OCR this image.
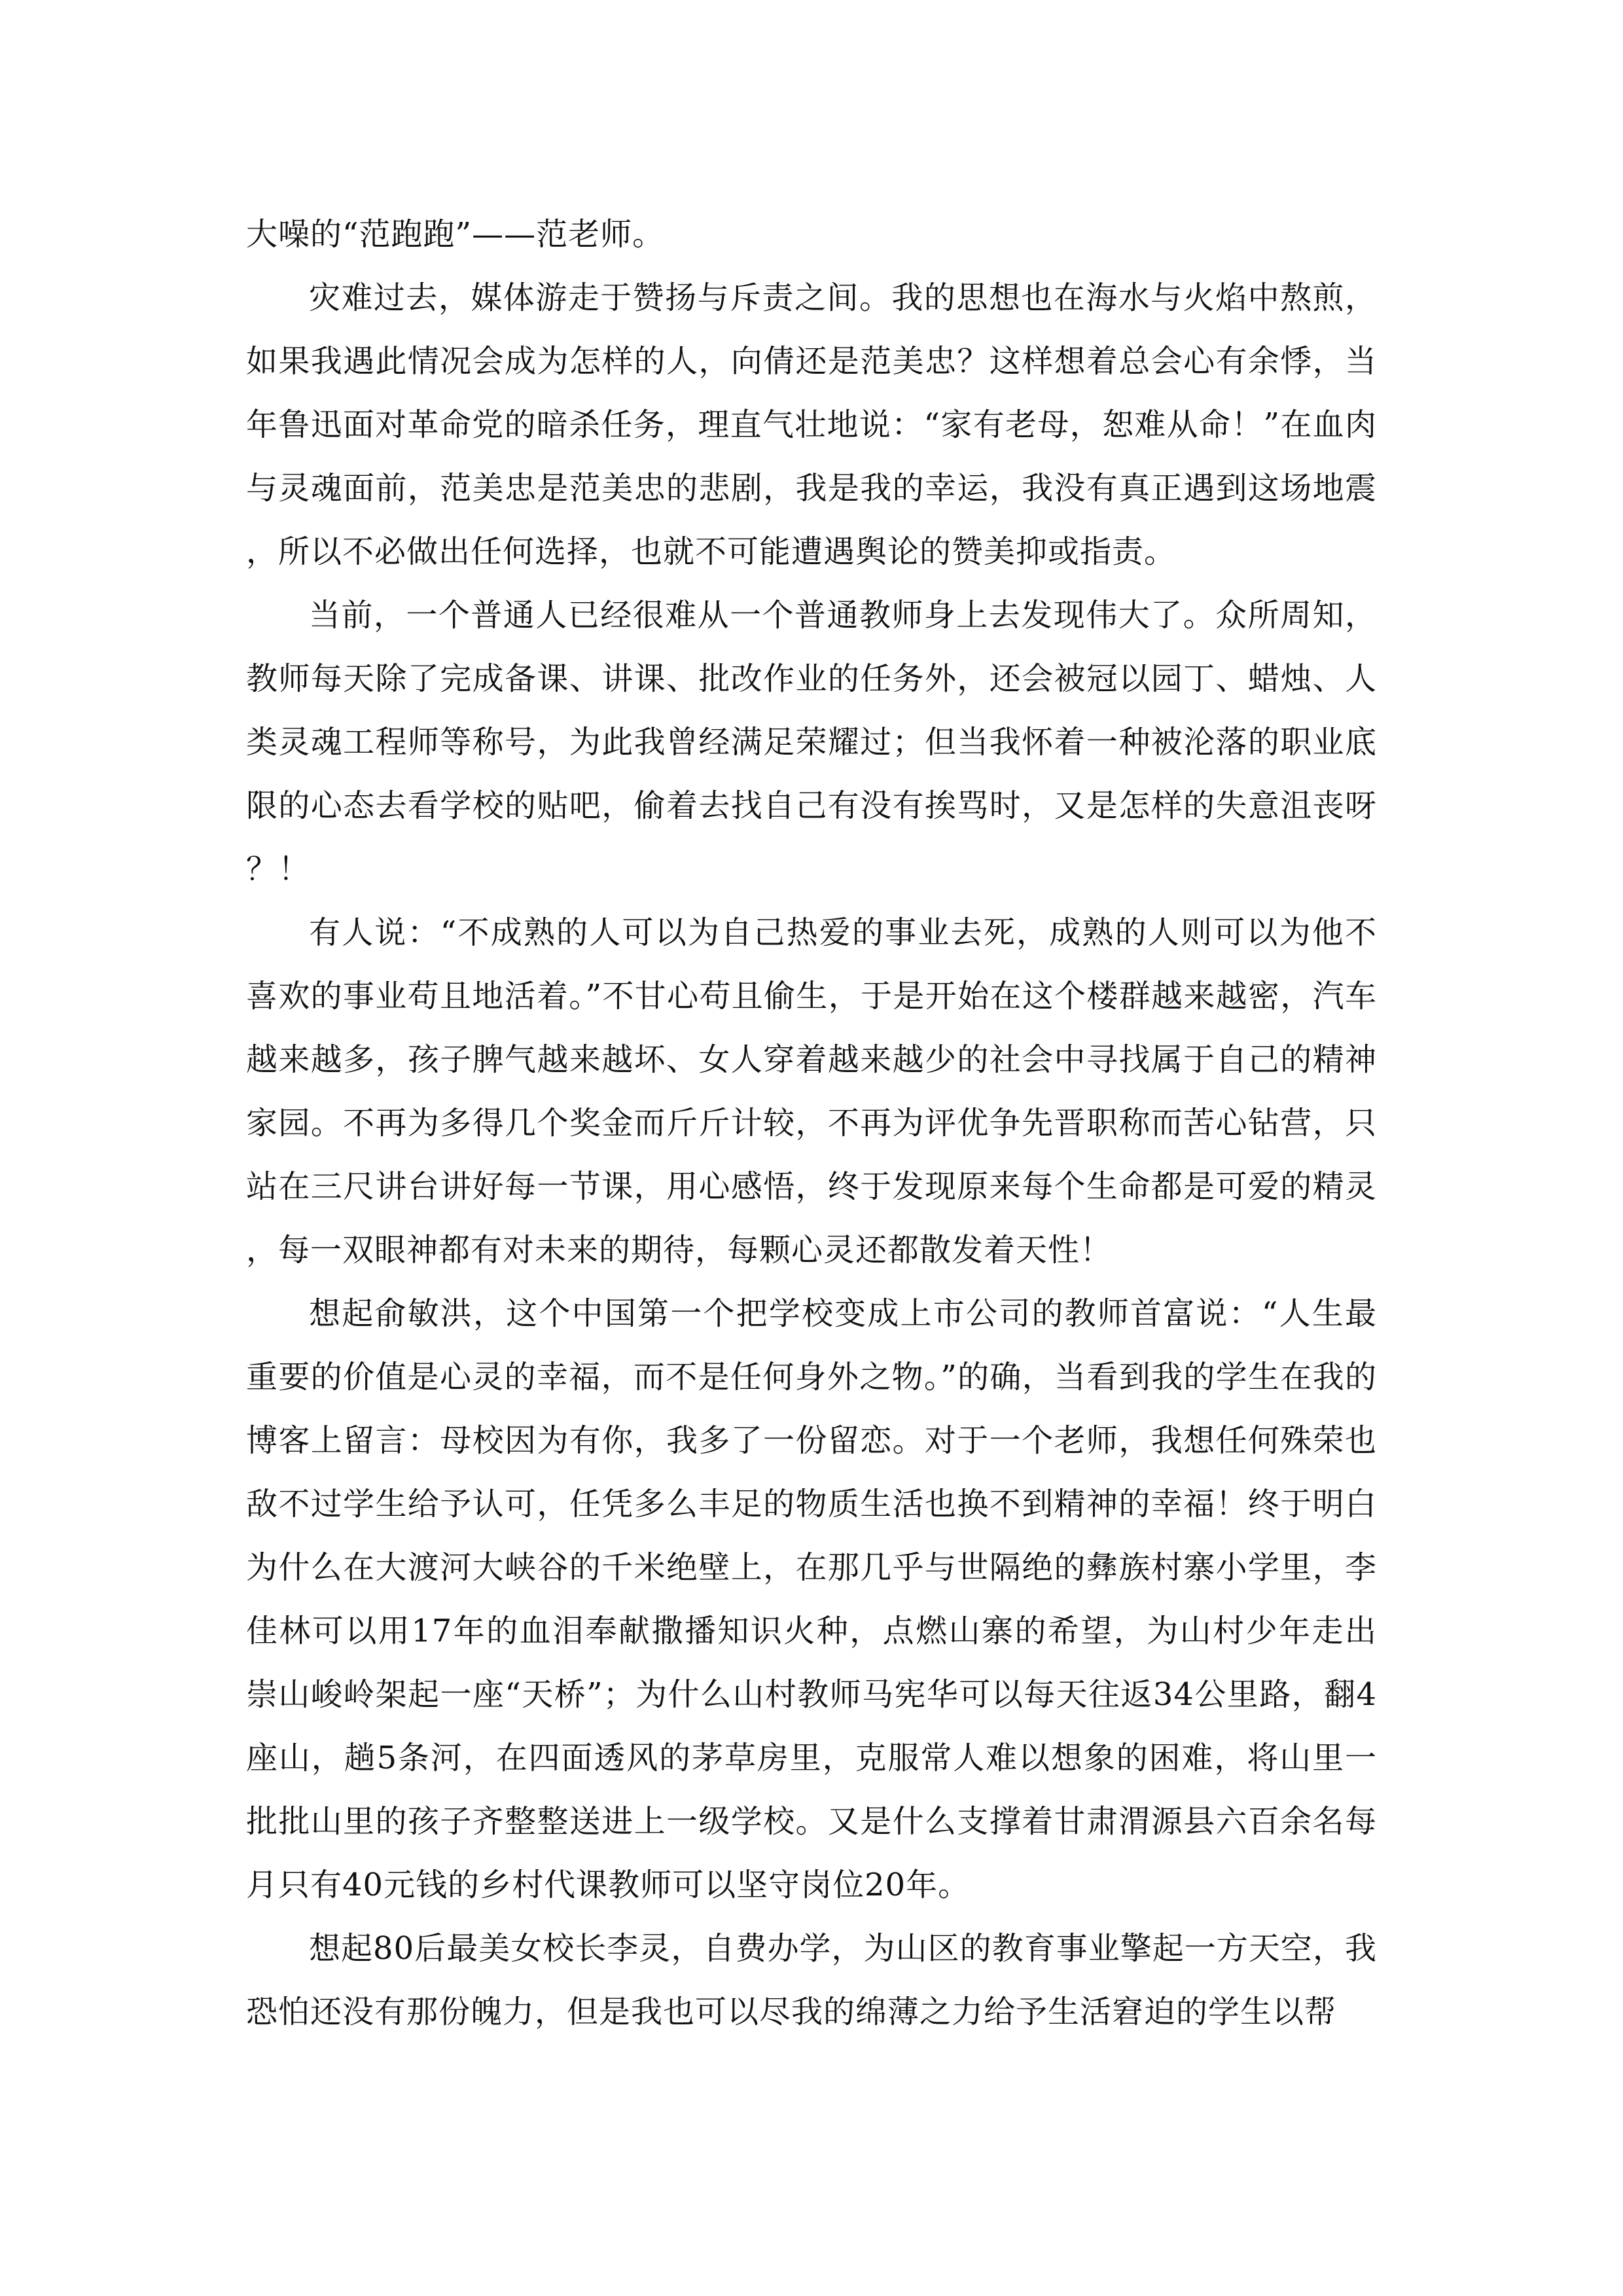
大噪的“范跑跑”——范老师。

灾难过去，媒体游走于赞扬与斥责之间。我的思想也在海水与火焰中熬煎，如果我遇此情况会成为怎样的人，向倩还是范美忠？这样想着总会心有余悸，当年鲁迅面对革命党的暗杀任务，理直气壮地说：“家有老母，恕难从命！”在血肉与灵魂面前，范美忠是范美忠的悲剧，我是我的幸运，我没有真正遇到这场地震，所以不必做出任何选择，也就不可能遭遇舆论的赞美抑或指责。

当前，一个普通人已经很难从一个普通教师身上去发现伟大了。众所周知，教师每天除了完成备课、讲课、批改作业的任务外，还会被冠以园丁、蜡烛、人类灵魂工程师等称号，为此我曾经满足荣耀过；但当我怀着一种被沦落的职业底限的心态去看学校的贴吧，偷着去找自己有没有挨骂时，又是怎样的失意沮丧呀？！

有人说：“不成熟的人可以为自己热爱的事业去死，成熟的人则可以为他不喜欢的事业苟且地活着。”不甘心苟且偷生，于是开始在这个楼群越来越密，汽车越来越多，孩子脾气越来越坏、女人穿着越来越少的社会中寻找属于自己的精神家园。不再为多得几个奖金而斤斤计较，不再为评优争先晋职称而苦心钻营，只站在三尺讲台讲好每一节课，用心感悟，终于发现原来每个生命都是可爱的精灵，每一双眼神都有对未来的期待，每颗心灵还都散发着天性！

想起俞敏洪，这个中国第一个把学校变成上市公司的教师首富说：“人生最重要的价值是心灵的幸福，而不是任何身外之物。”的确，当看到我的学生在我的博客上留言：母校因为有你，我多了一份留恋。对于一个老师，我想任何殊荣也敌不过学生给予认可，任凭多么丰足的物质生活也换不到精神的幸福！终于明白为什么在大渡河大峡谷的千米绝壁上，在那几乎与世隔绝的彝族村寨小学里，李佳林可以用17年的血泪奉献撒播知识火种，点燃山寨的希望，为山村少年走出崇山峻岭架起一座“天桥”；为什么山村教师马宪华可以每天往返34公里路，翻4座山，趟5条河，在四面透风的茅草房里，克服常人难以想象的困难，将山里一批批山里的孩子齐整整送进上一级学校。又是什么支撑着甘肃渭源县六百余名每月只有40元钱的乡村代课教师可以坚守岗位20年。

想起80后最美女校长李灵，自费办学，为山区的教育事业擎起一方天空，我恐怕还没有那份魄力，但是我也可以尽我的绵薄之力给予生活窘迫的学生以帮
